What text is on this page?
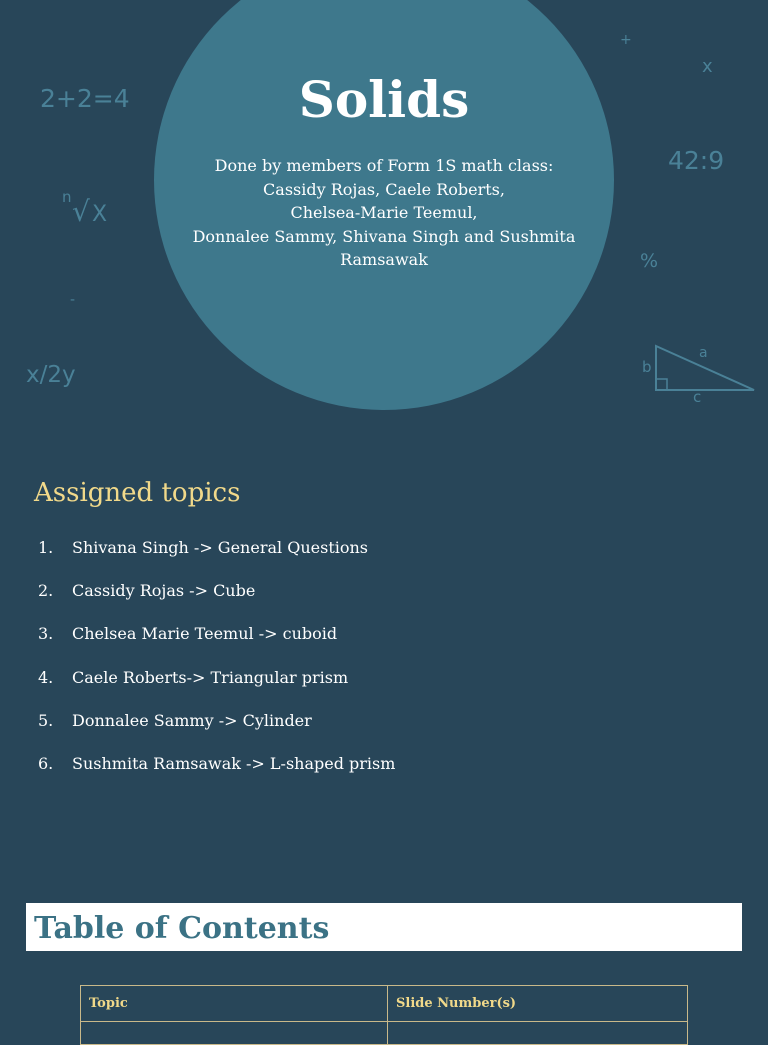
Solids
Done by members of Form 1S math class:
Cassidy Rojas, Caele Roberts,
Chelsea-Marie Teemul,
Donnalee Sammy, Shivana Singh and Sushmita
Ramsawak
2+2=4
n √ X
-
x/2y
+
x
42:9
%
a
b
c
Assigned topics
1.	Shivana Singh -> General Questions
2.	Cassidy Rojas -> Cube
3.	Chelsea Marie Teemul -> cuboid
4.	Caele Roberts-> Triangular prism
5.	Donnalee Sammy -> Cylinder
6.	Sushmita Ramsawak -> L-shaped prism
Table of Contents
Topic	Slide Number(s)
